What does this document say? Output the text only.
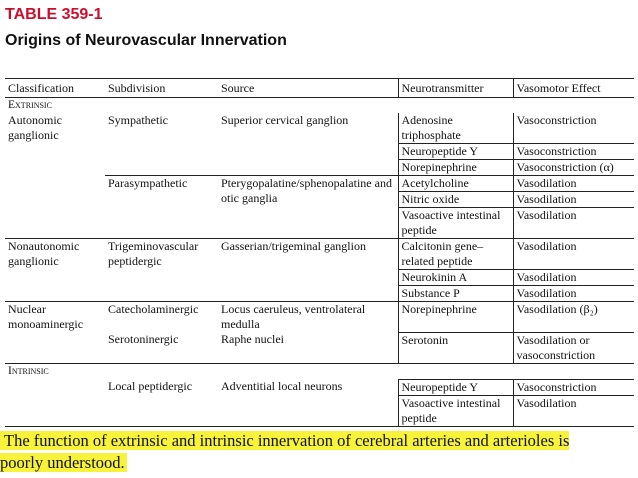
TABLE 359-1
Origins of Neurovascular Innervation
Classification	Subdivision	Source	Neurotransmitter	Vasomotor Effect
Extrinsic				
Autonomic ganglionic	Sympathetic	Superior cervical ganglion	Adenosine triphosphate	Vasoconstriction
			Neuropeptide Y	Vasoconstriction
			Norepinephrine	Vasoconstriction (α)
	Parasympathetic	Pterygopalatine/sphenopalatine and otic ganglia	Acetylcholine	Vasodilation
			Nitric oxide	Vasodilation
			Vasoactive intestinal peptide	Vasodilation
Nonautonomic ganglionic	Trigeminovascular peptidergic	Gasserian/trigeminal ganglion	Calcitonin gene–related peptide	Vasodilation
			Neurokinin A	Vasodilation
			Substance P	Vasodilation
Nuclear monoaminergic	Catecholaminergic	Locus caeruleus, ventrolateral medulla	Norepinephrine	Vasodilation (β₂)
	Serotoninergic	Raphe nuclei	Serotonin	Vasodilation or vasoconstriction
Intrinsic				
	Local peptidergic	Adventitial local neurons	Neuropeptide Y	Vasoconstriction
			Vasoactive intestinal peptide	Vasodilation
The function of extrinsic and intrinsic innervation of cerebral arteries and arterioles is poorly understood.
